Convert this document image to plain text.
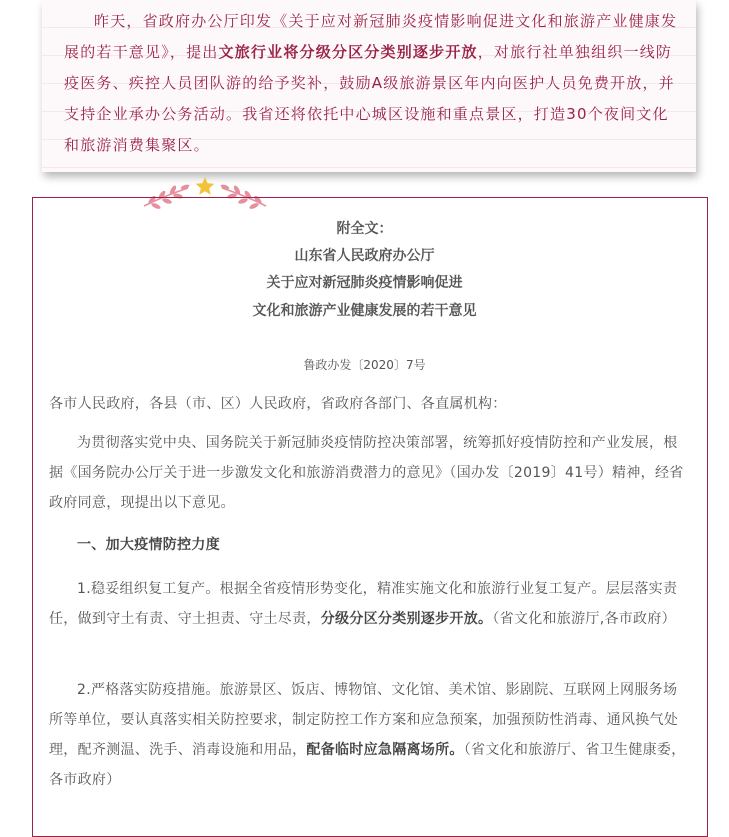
昨天，省政府办公厅印发《关于应对新冠肺炎疫情影响促进文化和旅游产业健康发展的若干意见》，提出文旅行业将分级分区分类别逐步开放，对旅行社单独组织一线防疫医务、疾控人员团队游的给予奖补，鼓励A级旅游景区年内向医护人员免费开放，并支持企业承办公务活动。我省还将依托中心城区设施和重点景区，打造30个夜间文化和旅游消费集聚区。

附全文：

山东省人民政府办公厅

关于应对新冠肺炎疫情影响促进

文化和旅游产业健康发展的若干意见

鲁政办发〔2020〕7号

各市人民政府，各县（市、区）人民政府，省政府各部门、各直属机构：

为贯彻落实党中央、国务院关于新冠肺炎疫情防控决策部署，统筹抓好疫情防控和产业发展，根据《国务院办公厅关于进一步激发文化和旅游消费潜力的意见》（国办发〔2019〕41号）精神，经省政府同意，现提出以下意见。

一、加大疫情防控力度

1.稳妥组织复工复产。根据全省疫情形势变化，精准实施文化和旅游行业复工复产。层层落实责任，做到守土有责、守土担责、守土尽责，分级分区分类别逐步开放。（省文化和旅游厅,各市政府）

2.严格落实防疫措施。旅游景区、饭店、博物馆、文化馆、美术馆、影剧院、互联网上网服务场所等单位，要认真落实相关防控要求，制定防控工作方案和应急预案，加强预防性消毒、通风换气处理，配齐测温、洗手、消毒设施和用品，配备临时应急隔离场所。（省文化和旅游厅、省卫生健康委，各市政府）
